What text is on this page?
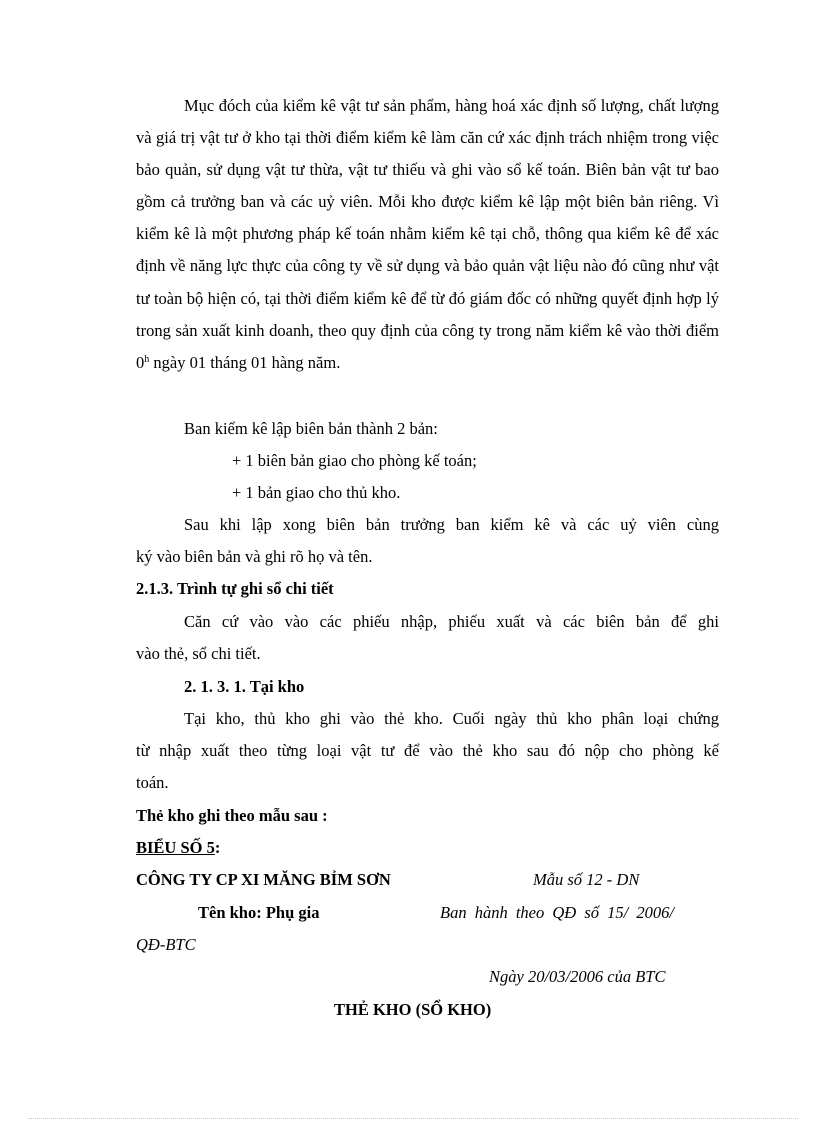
Mục đóch của kiểm kê vật tư sản phẩm, hàng hoá xác định số lượng, chất lượng và giá trị vật tư ở kho tại thời điểm kiểm kê làm căn cứ xác định trách nhiệm trong việc bảo quản, sử dụng vật tư thừa, vật tư thiếu và ghi vào sổ kế toán. Biên bản vật tư bao gồm cả trưởng ban và các uỷ viên. Mỗi kho được kiểm kê lập một biên bản riêng. Vì kiểm kê là một phương pháp kế toán nhằm kiểm kê tại chỗ, thông qua kiểm kê để xác định về năng lực thực của công ty về sử dụng và bảo quản vật liệu nào đó cũng như vật tư toàn bộ hiện có, tại thời điểm kiểm kê để từ đó giám đốc có những quyết định hợp lý trong sản xuất kinh doanh, theo quy định của công ty trong năm kiểm kê vào thời điểm 0$^h$ ngày 01 tháng 01 hàng năm.

Ban kiểm kê lập biên bản thành 2 bản:
+ 1 biên bản giao cho phòng kế toán;
+ 1 bản giao cho thủ kho.
Sau khi lập xong biên bản trưởng ban kiểm kê và các uỷ viên cùng
ký vào biên bản và ghi rõ họ và tên.
2.1.3. Trình tự ghi sổ chi tiết
Căn cứ vào vào các phiếu nhập, phiếu xuất và các biên bản để ghi
vào thẻ, sổ chi tiết.
2. 1. 3. 1. Tại kho
Tại kho, thủ kho ghi vào thẻ kho. Cuối ngày thủ kho phân loại chứng
từ nhập xuất theo từng loại vật tư để vào thẻ kho sau đó nộp cho phòng kế
toán.
Thẻ kho ghi theo mẫu sau :
BIỂU SỐ 5:
CÔNG TY CP XI MĂNG BỈM SƠN	Mẫu số 12 - DN
Tên kho: Phụ gia	Ban hành theo QĐ số 15/ 2006/
QĐ-BTC
Ngày 20/03/2006 của BTC
THẺ KHO (SỔ KHO)
